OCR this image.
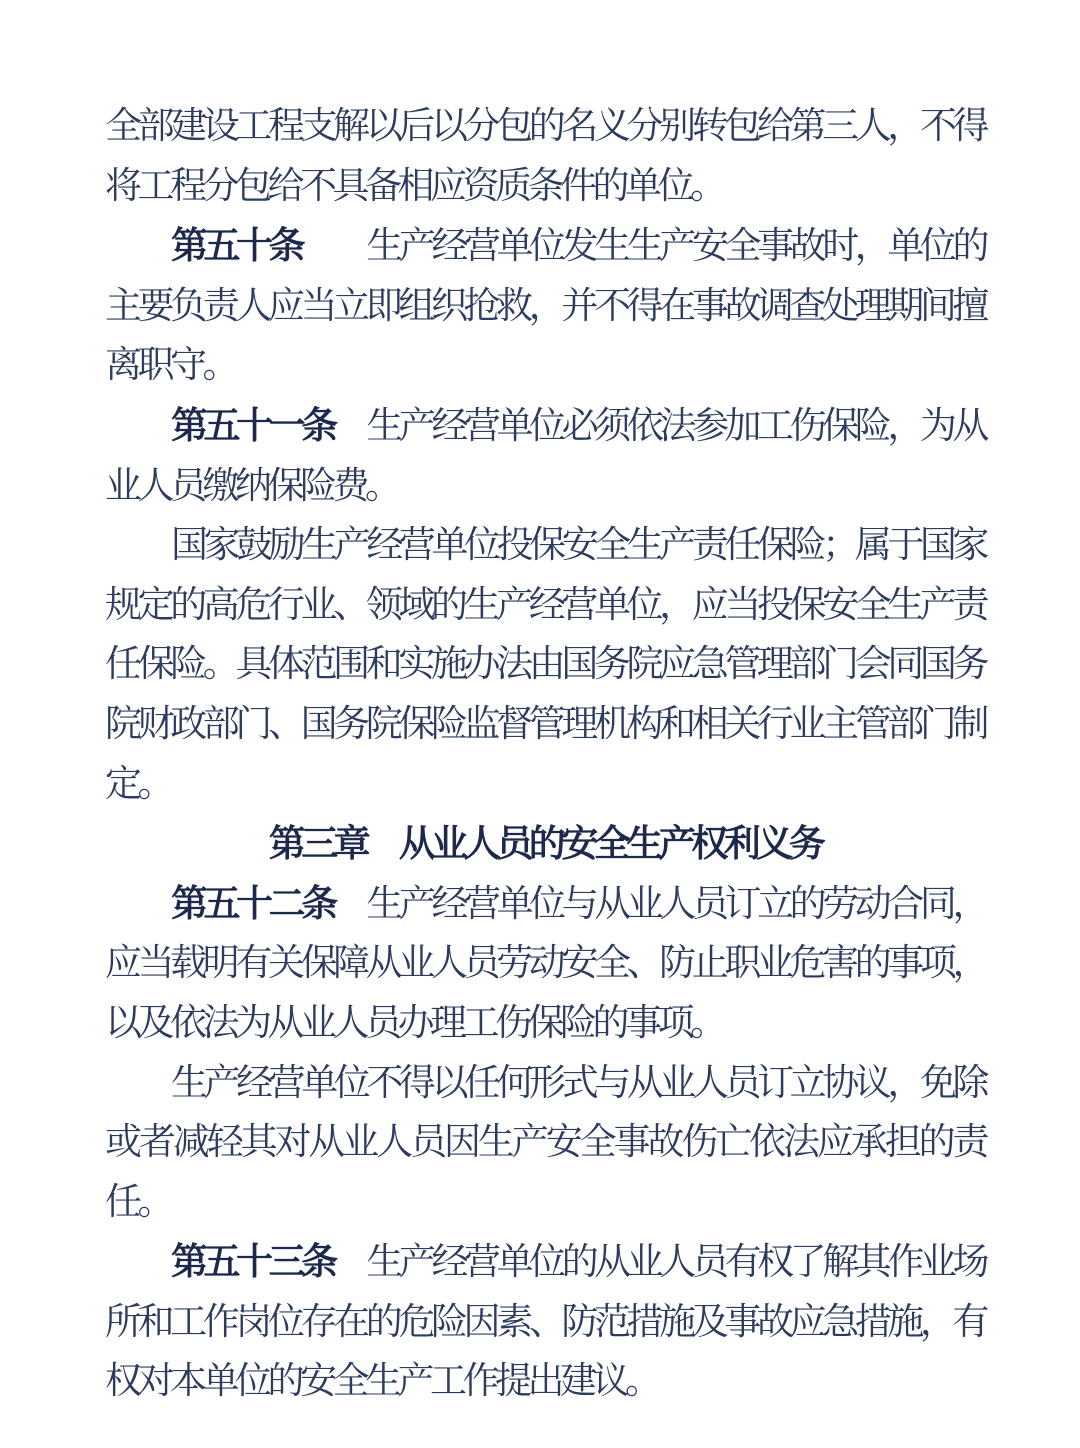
全部建设工程支解以后以分包的名义分别转包给第三人，不得将工程分包给不具备相应资质条件的单位。

第五十条　　生产经营单位发生生产安全事故时，单位的主要负责人应当立即组织抢救，并不得在事故调查处理期间擅离职守。

第五十一条　生产经营单位必须依法参加工伤保险，为从业人员缴纳保险费。

国家鼓励生产经营单位投保安全生产责任保险；属于国家规定的高危行业、领域的生产经营单位，应当投保安全生产责任保险。具体范围和实施办法由国务院应急管理部门会同国务院财政部门、国务院保险监督管理机构和相关行业主管部门制定。

第三章　从业人员的安全生产权利义务

第五十二条　生产经营单位与从业人员订立的劳动合同，应当载明有关保障从业人员劳动安全、防止职业危害的事项，以及依法为从业人员办理工伤保险的事项。

生产经营单位不得以任何形式与从业人员订立协议，免除或者减轻其对从业人员因生产安全事故伤亡依法应承担的责任。

第五十三条　生产经营单位的从业人员有权了解其作业场所和工作岗位存在的危险因素、防范措施及事故应急措施，有权对本单位的安全生产工作提出建议。
